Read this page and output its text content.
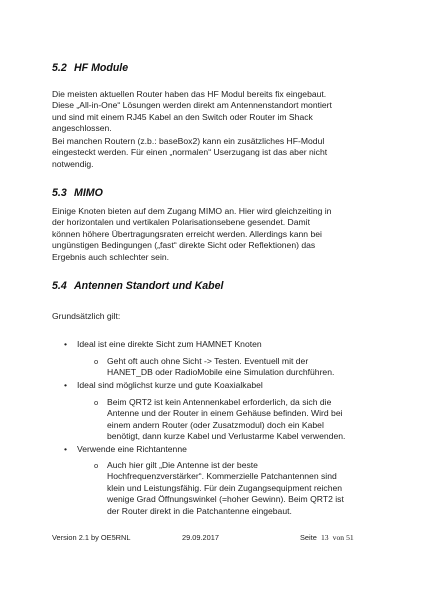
5.2 HF Module
Die meisten aktuellen Router haben das HF Modul bereits fix eingebaut.
Diese „All-in-One“ Lösungen werden direkt am Antennenstandort montiert
und sind mit einem RJ45 Kabel an den Switch oder Router im Shack
angeschlossen.
Bei manchen Routern (z.b.: baseBox2) kann ein zusätzliches HF-Modul
eingesteckt werden. Für einen „normalen“ Userzugang ist das aber nicht
notwendig.
5.3 MIMO
Einige Knoten bieten auf dem Zugang MIMO an. Hier wird gleichzeiting in
der horizontalen und vertikalen Polarisationsebene gesendet. Damit
können höhere Übertragungsraten erreicht werden. Allerdings kann bei
ungünstigen Bedingungen („fast“ direkte Sicht oder Reflektionen) das
Ergebnis auch schlechter sein.
5.4 Antennen Standort und Kabel
Grundsätzlich gilt:
• Ideal ist eine direkte Sicht zum HAMNET Knoten
o Geht oft auch ohne Sicht -> Testen. Eventuell mit der
HANET_DB oder RadioMobile eine Simulation durchführen.
• Ideal sind möglichst kurze und gute Koaxialkabel
o Beim QRT2 ist kein Antennenkabel erforderlich, da sich die
Antenne und der Router in einem Gehäuse befinden. Wird bei
einem andern Router (oder Zusatzmodul) doch ein Kabel
benötigt, dann kurze Kabel und Verlustarme Kabel verwenden.
• Verwende eine Richtantenne
o Auch hier gilt „Die Antenne ist der beste
Hochfrequenzverstärker“. Kommerzielle Patchantennen sind
klein und Leistungsfähig. Für dein Zugangsequipment reichen
wenige Grad Öffnungswinkel (=hoher Gewinn). Beim QRT2 ist
der Router direkt in die Patchantenne eingebaut.
Version 2.1 by OE5RNL	29.09.2017	Seite 13 von 51
